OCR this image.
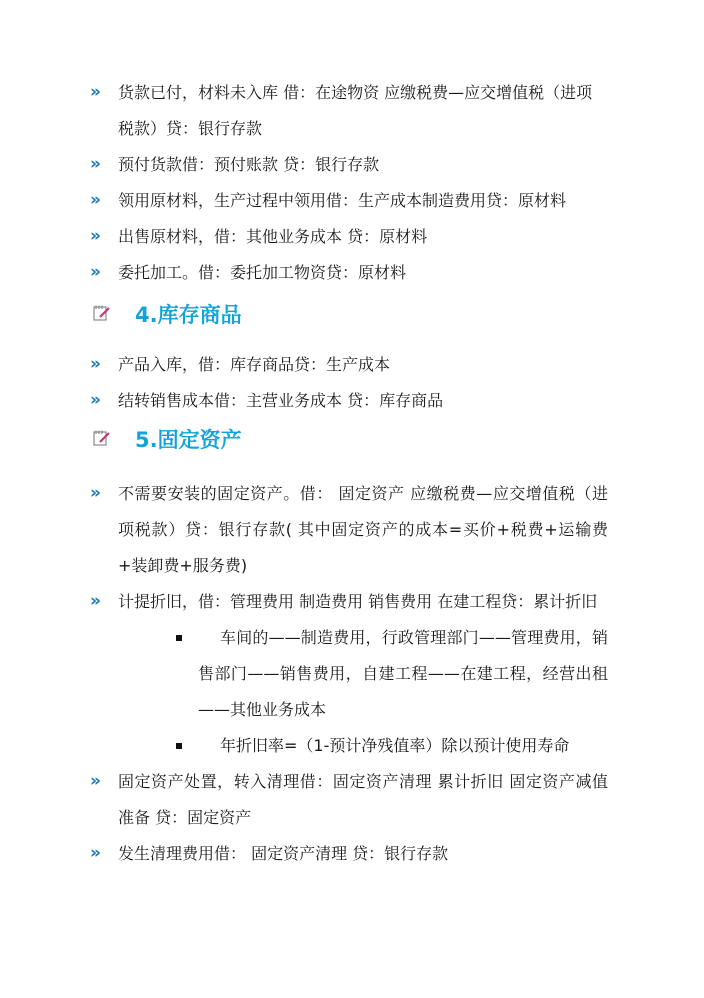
» 货款已付，材料未入库 借：在途物资 应缴税费—应交增值税（进项税款）贷：银行存款
» 预付货款借：预付账款 贷：银行存款
» 领用原材料，生产过程中领用借：生产成本制造费用贷：原材料
» 出售原材料，借：其他业务成本 贷：原材料
» 委托加工。借：委托加工物资贷：原材料
4.库存商品
» 产品入库，借：库存商品贷：生产成本
» 结转销售成本借：主营业务成本 贷：库存商品
5.固定资产
» 不需要安装的固定资产。借： 固定资产 应缴税费—应交增值税（进项税款）贷：银行存款( 其中固定资产的成本=买价+税费+运输费+装卸费+服务费)
» 计提折旧，借：管理费用 制造费用 销售费用 在建工程贷：累计折旧
车间的——制造费用，行政管理部门——管理费用，销售部门——销售费用，自建工程——在建工程，经营出租——其他业务成本
年折旧率=（1-预计净残值率）除以预计使用寿命
» 固定资产处置，转入清理借：固定资产清理 累计折旧 固定资产减值准备 贷：固定资产
» 发生清理费用借： 固定资产清理 贷：银行存款
